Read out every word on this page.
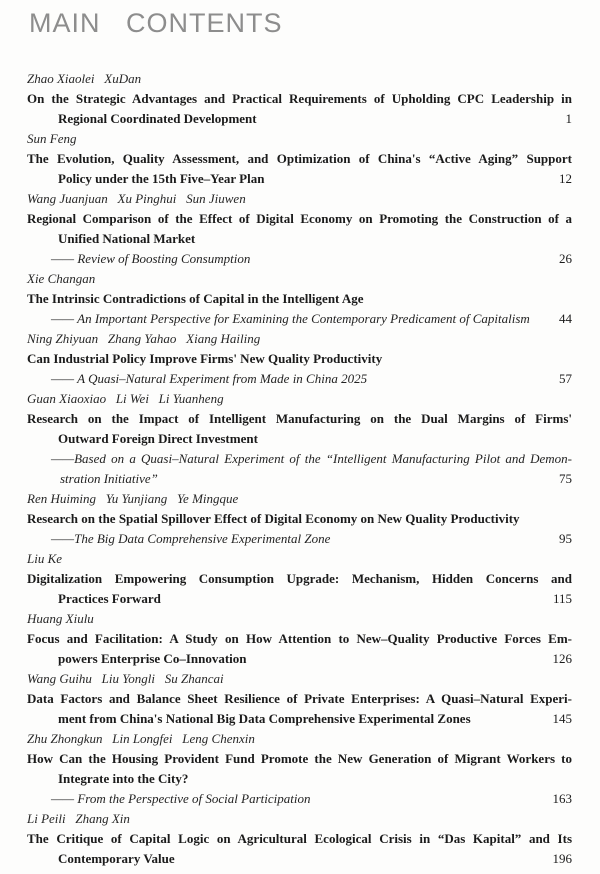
MAIN CONTENTS
Zhao Xiaolei   XuDan
On the Strategic Advantages and Practical Requirements of Upholding CPC Leadership in
Regional Coordinated Development	1
Sun Feng
The Evolution, Quality Assessment, and Optimization of China's “Active Aging” Support
Policy under the 15th Five–Year Plan	12
Wang Juanjuan   Xu Pinghui   Sun Jiuwen
Regional Comparison of the Effect of Digital Economy on Promoting the Construction of a
Unified National Market
—— Review of Boosting Consumption	26
Xie Changan
The Intrinsic Contradictions of Capital in the Intelligent Age
—— An Important Perspective for Examining the Contemporary Predicament of Capitalism	44
Ning Zhiyuan   Zhang Yahao   Xiang Hailing
Can Industrial Policy Improve Firms' New Quality Productivity
—— A Quasi–Natural Experiment from Made in China 2025	57
Guan Xiaoxiao   Li Wei   Li Yuanheng
Research on the Impact of Intelligent Manufacturing on the Dual Margins of Firms'
Outward Foreign Direct Investment
——Based on a Quasi–Natural Experiment of the “Intelligent Manufacturing Pilot and Demon-
stration Initiative”	75
Ren Huiming   Yu Yunjiang   Ye Mingque
Research on the Spatial Spillover Effect of Digital Economy on New Quality Productivity
——The Big Data Comprehensive Experimental Zone	95
Liu Ke
Digitalization Empowering Consumption Upgrade: Mechanism, Hidden Concerns and
Practices Forward	115
Huang Xiulu
Focus and Facilitation: A Study on How Attention to New–Quality Productive Forces Em-
powers Enterprise Co–Innovation	126
Wang Guihu   Liu Yongli   Su Zhancai
Data Factors and Balance Sheet Resilience of Private Enterprises: A Quasi–Natural Experi-
ment from China's National Big Data Comprehensive Experimental Zones	145
Zhu Zhongkun   Lin Longfei   Leng Chenxin
How Can the Housing Provident Fund Promote the New Generation of Migrant Workers to
Integrate into the City?
—— From the Perspective of Social Participation	163
Li Peili   Zhang Xin
The Critique of Capital Logic on Agricultural Ecological Crisis in “Das Kapital” and Its
Contemporary Value	196
